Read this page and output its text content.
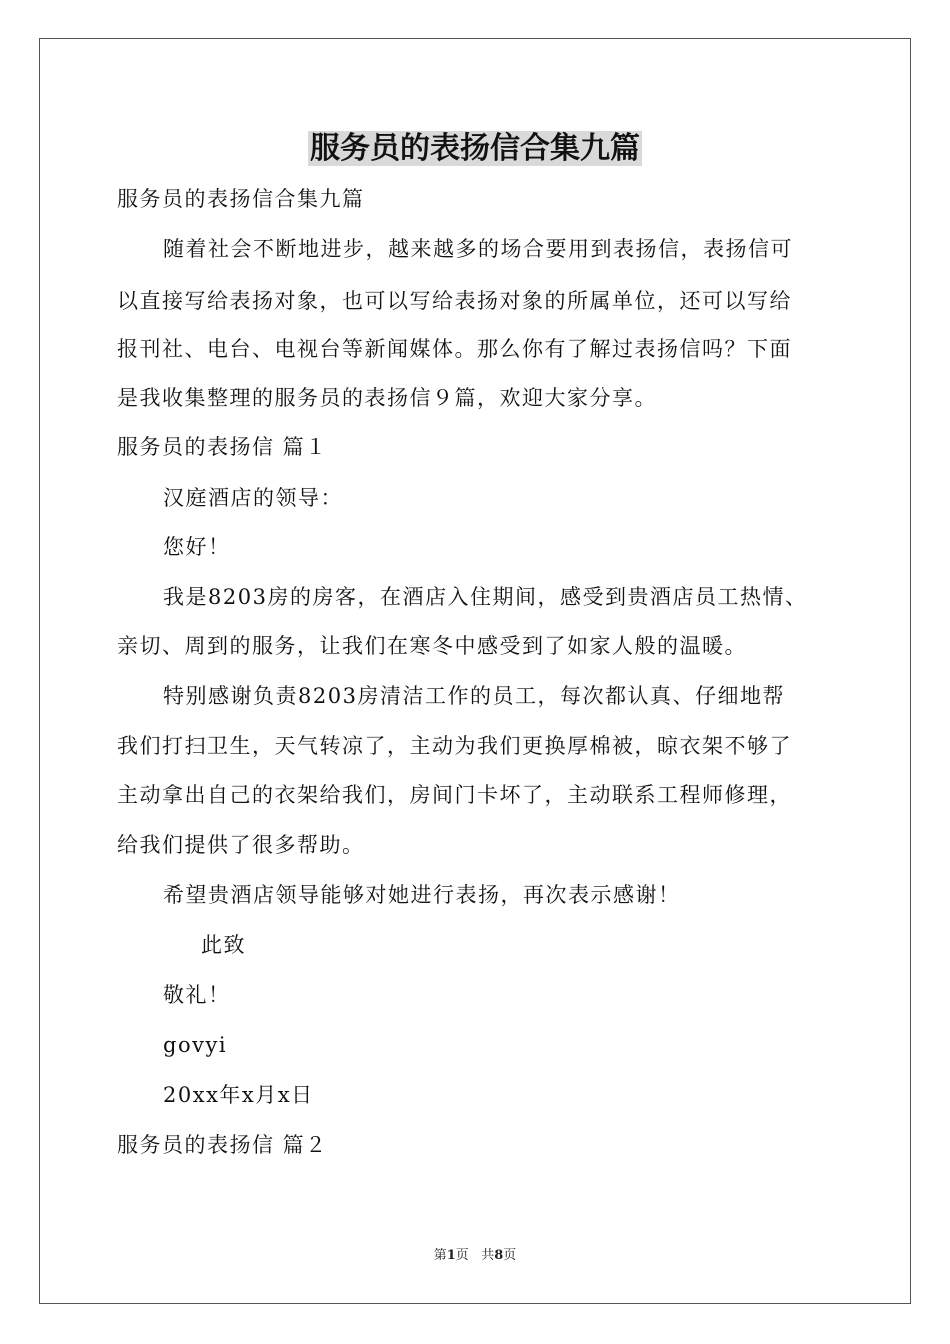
服务员的表扬信合集九篇

服务员的表扬信合集九篇

随着社会不断地进步，越来越多的场合要用到表扬信，表扬信可

以直接写给表扬对象，也可以写给表扬对象的所属单位，还可以写给

报刊社、电台、电视台等新闻媒体。那么你有了解过表扬信吗？下面

是我收集整理的服务员的表扬信９篇，欢迎大家分享。

服务员的表扬信 篇１

汉庭酒店的领导：

您好！

我是8203房的房客，在酒店入住期间，感受到贵酒店员工热情、

亲切、周到的服务，让我们在寒冬中感受到了如家人般的温暖。

特别感谢负责8203房清洁工作的员工，每次都认真、仔细地帮

我们打扫卫生，天气转凉了，主动为我们更换厚棉被，晾衣架不够了

主动拿出自己的衣架给我们，房间门卡坏了，主动联系工程师修理，

给我们提供了很多帮助。

希望贵酒店领导能够对她进行表扬，再次表示感谢！

此致

敬礼！

govyi

20xx年x月x日

服务员的表扬信 篇２

第1页 共8页
